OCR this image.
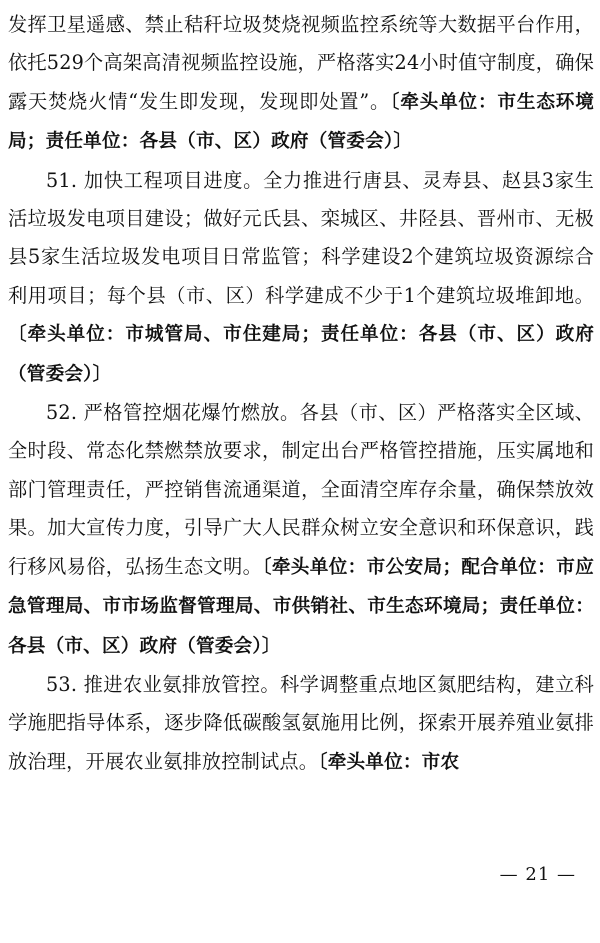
发挥卫星遥感、禁止秸秆垃圾焚烧视频监控系统等大数据平台作用，依托529个高架高清视频监控设施，严格落实24小时值守制度，确保露天焚烧火情“发生即发现，发现即处置”。〔牵头单位：市生态环境局；责任单位：各县（市、区）政府（管委会）〕

51. 加快工程项目进度。全力推进行唐县、灵寿县、赵县3家生活垃圾发电项目建设；做好元氏县、栾城区、井陉县、晋州市、无极县5家生活垃圾发电项目日常监管；科学建设2个建筑垃圾资源综合利用项目；每个县（市、区）科学建成不少于1个建筑垃圾堆卸地。〔牵头单位：市城管局、市住建局；责任单位：各县（市、区）政府（管委会）〕

52. 严格管控烟花爆竹燃放。各县（市、区）严格落实全区域、全时段、常态化禁燃禁放要求，制定出台严格管控措施，压实属地和部门管理责任，严控销售流通渠道，全面清空库存余量，确保禁放效果。加大宣传力度，引导广大人民群众树立安全意识和环保意识，践行移风易俗，弘扬生态文明。〔牵头单位：市公安局；配合单位：市应急管理局、市市场监督管理局、市供销社、市生态环境局；责任单位：各县（市、区）政府（管委会）〕

53. 推进农业氨排放管控。科学调整重点地区氮肥结构，建立科学施肥指导体系，逐步降低碳酸氢氨施用比例，探索开展养殖业氨排放治理，开展农业氨排放控制试点。〔牵头单位：市农

— 21 —
